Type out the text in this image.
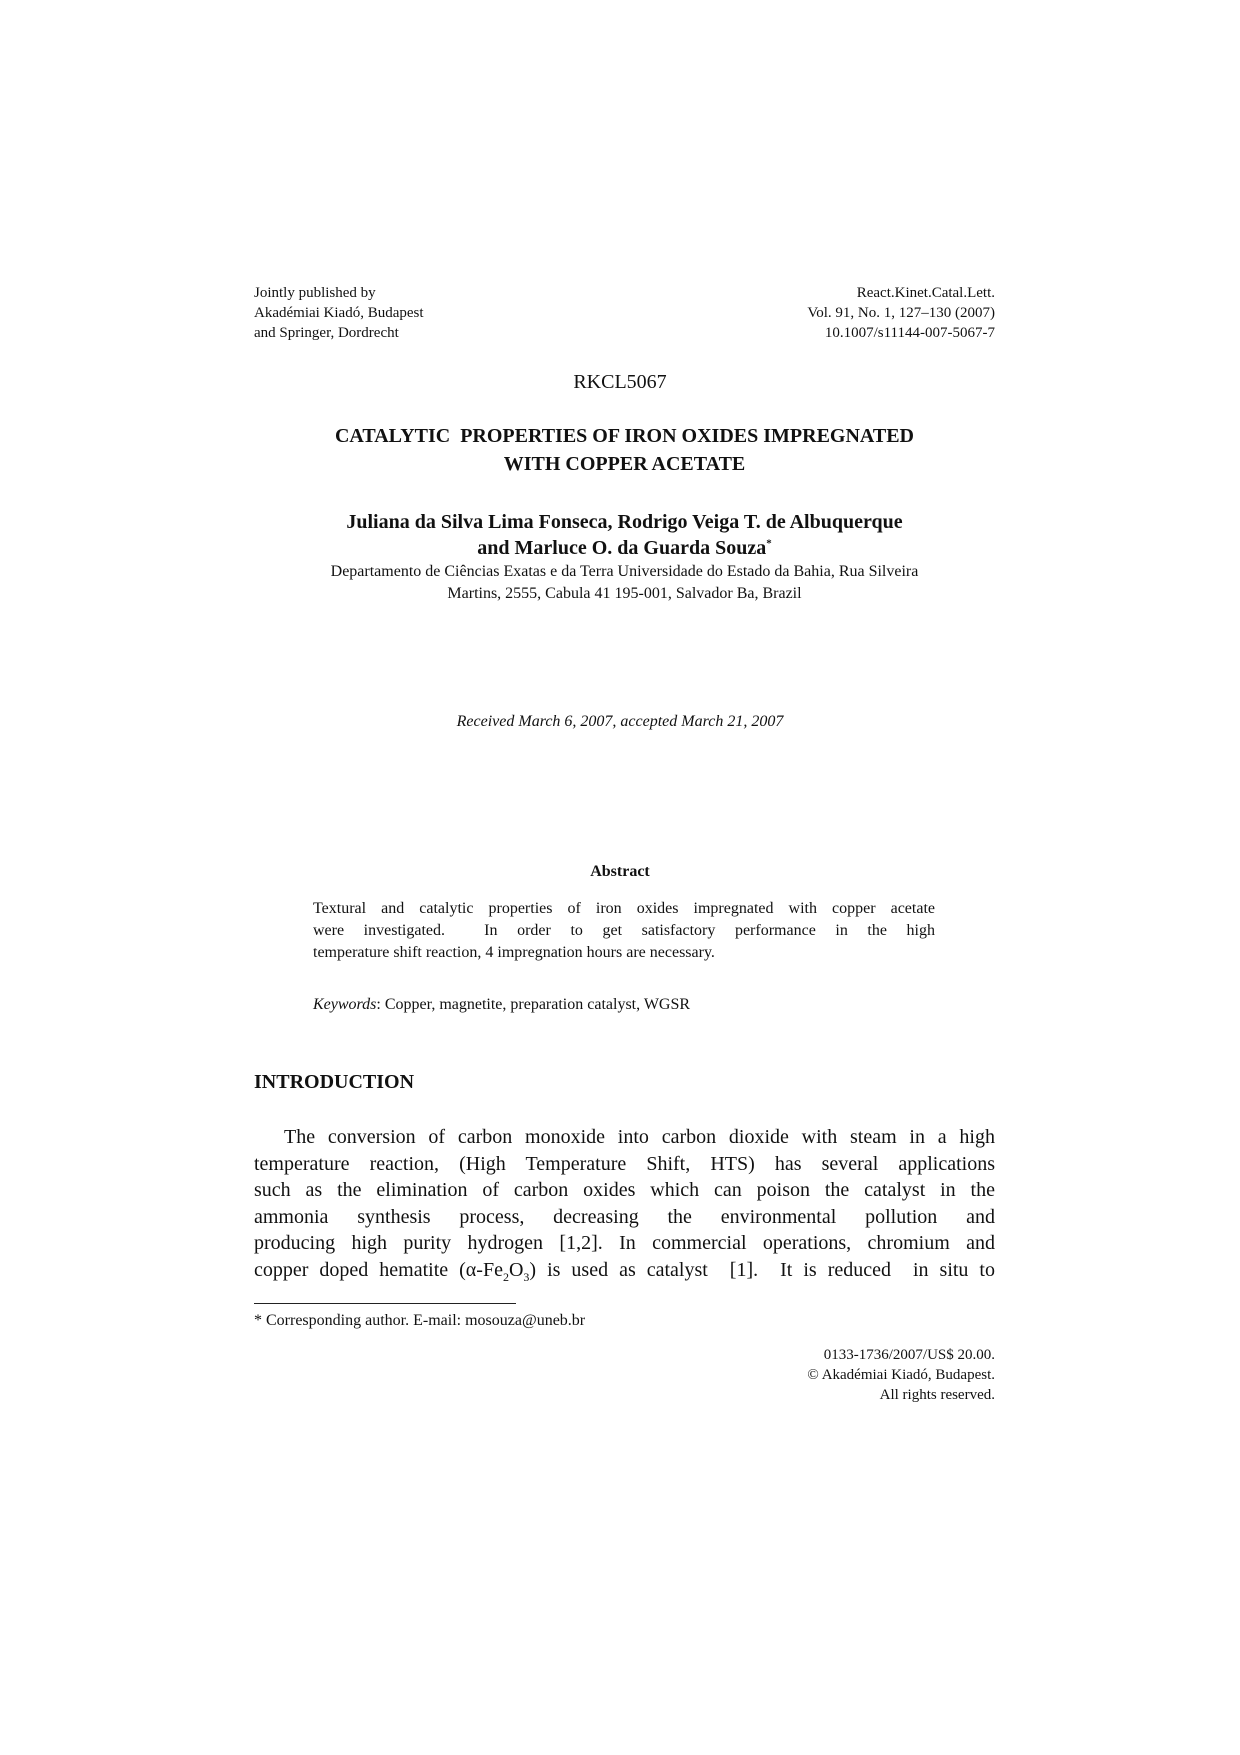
Jointly published by
Akadémiai Kiadó, Budapest
and Springer, Dordrecht
React.Kinet.Catal.Lett.
Vol. 91, No. 1, 127–130 (2007)
10.1007/s11144-007-5067-7
RKCL5067
CATALYTIC  PROPERTIES OF IRON OXIDES IMPREGNATED
WITH COPPER ACETATE
Juliana da Silva Lima Fonseca, Rodrigo Veiga T. de Albuquerque
and Marluce O. da Guarda Souza*
Departamento de Ciências Exatas e da Terra Universidade do Estado da Bahia, Rua Silveira
Martins, 2555, Cabula 41 195-001, Salvador Ba, Brazil
Received March 6, 2007, accepted March 21, 2007
Abstract
Textural and catalytic properties of iron oxides impregnated with copper acetate
were investigated.  In order to get satisfactory performance in the high
temperature shift reaction, 4 impregnation hours are necessary.
Keywords: Copper, magnetite, preparation catalyst, WGSR
INTRODUCTION
The conversion of carbon monoxide into carbon dioxide with steam in a high
temperature reaction, (High Temperature Shift, HTS) has several applications
such as the elimination of carbon oxides which can poison the catalyst in the
ammonia synthesis process, decreasing the environmental pollution and
producing high purity hydrogen [1,2]. In commercial operations, chromium and
copper doped hematite $(\alpha-Fe_2O_3)$ is used as catalyst  [1].  It is reduced  in situ to
* Corresponding author. E-mail: mosouza@uneb.br
0133-1736/2007/US$ 20.00.
© Akadémiai Kiadó, Budapest.
All rights reserved.
